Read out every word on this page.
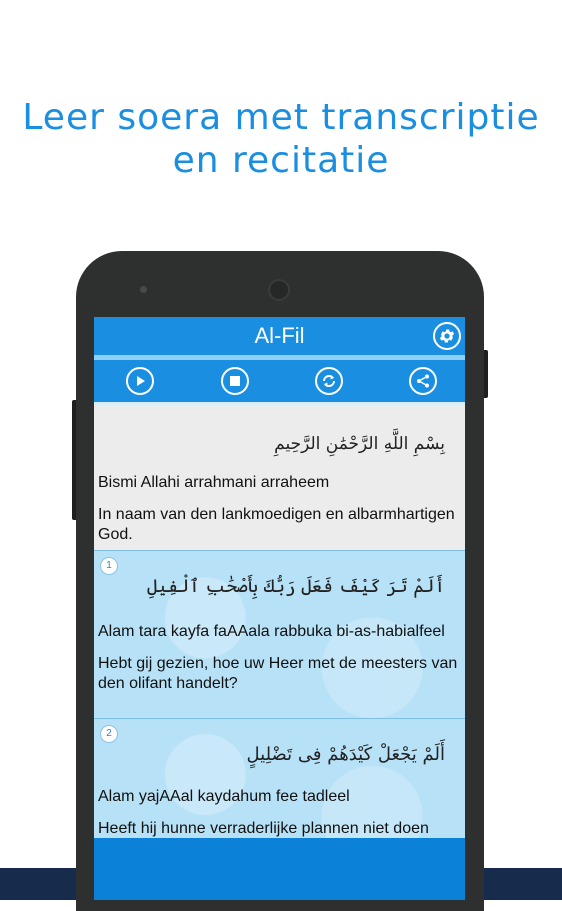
Leer soera met transcriptie
en recitatie
Al-Fil
بِسْمِ اللَّهِ الرَّحْمَٰنِ الرَّحِيمِ
Bismi Allahi arrahmani arraheem
In naam van den lankmoedigen en albarmhartigen God.
1
أَلَمْ تَرَ كَيْفَ فَعَلَ رَبُّكَ بِأَصْحَٰبِ ٱلْفِيلِ
Alam tara kayfa faAAala rabbuka bi-as-habialfeel
Hebt gij gezien, hoe uw Heer met de meesters van den olifant handelt?
2
أَلَمْ يَجْعَلْ كَيْدَهُمْ فِى تَضْلِيلٍ
Alam yajAAal kaydahum fee tadleel
Heeft hij hunne verraderlijke plannen niet doen
